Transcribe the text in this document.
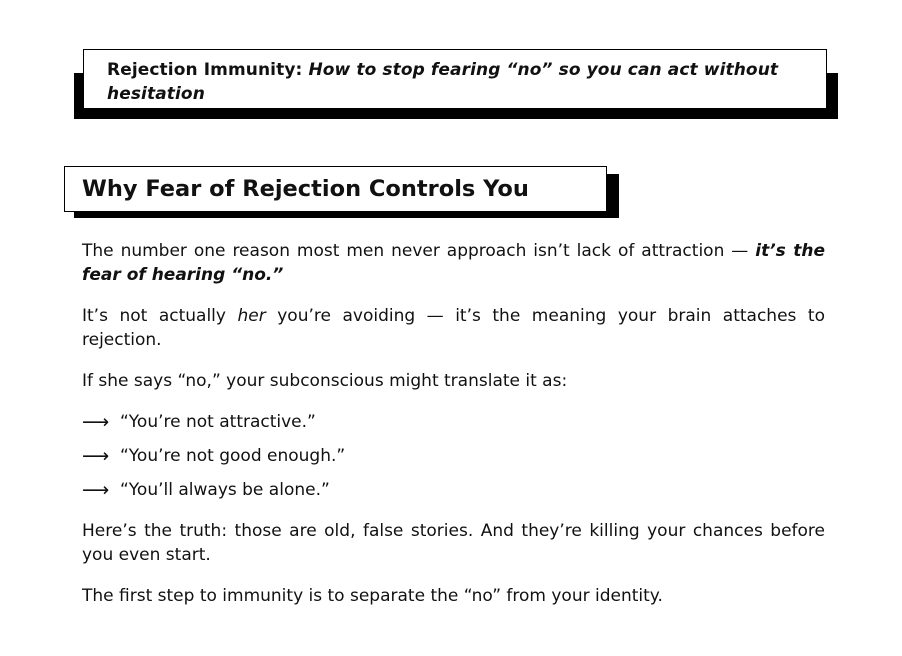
Rejection Immunity: How to stop fearing “no” so you can act without hesitation
Why Fear of Rejection Controls You

The number one reason most men never approach isn’t lack of attraction — it’s the fear of hearing “no.”

It’s not actually her you’re avoiding — it’s the meaning your brain attaches to rejection.

If she says “no,” your subconscious might translate it as:

⟶ “You’re not attractive.”
⟶ “You’re not good enough.”
⟶ “You’ll always be alone.”

Here’s the truth: those are old, false stories. And they’re killing your chances before you even start.

The first step to immunity is to separate the “no” from your identity.
